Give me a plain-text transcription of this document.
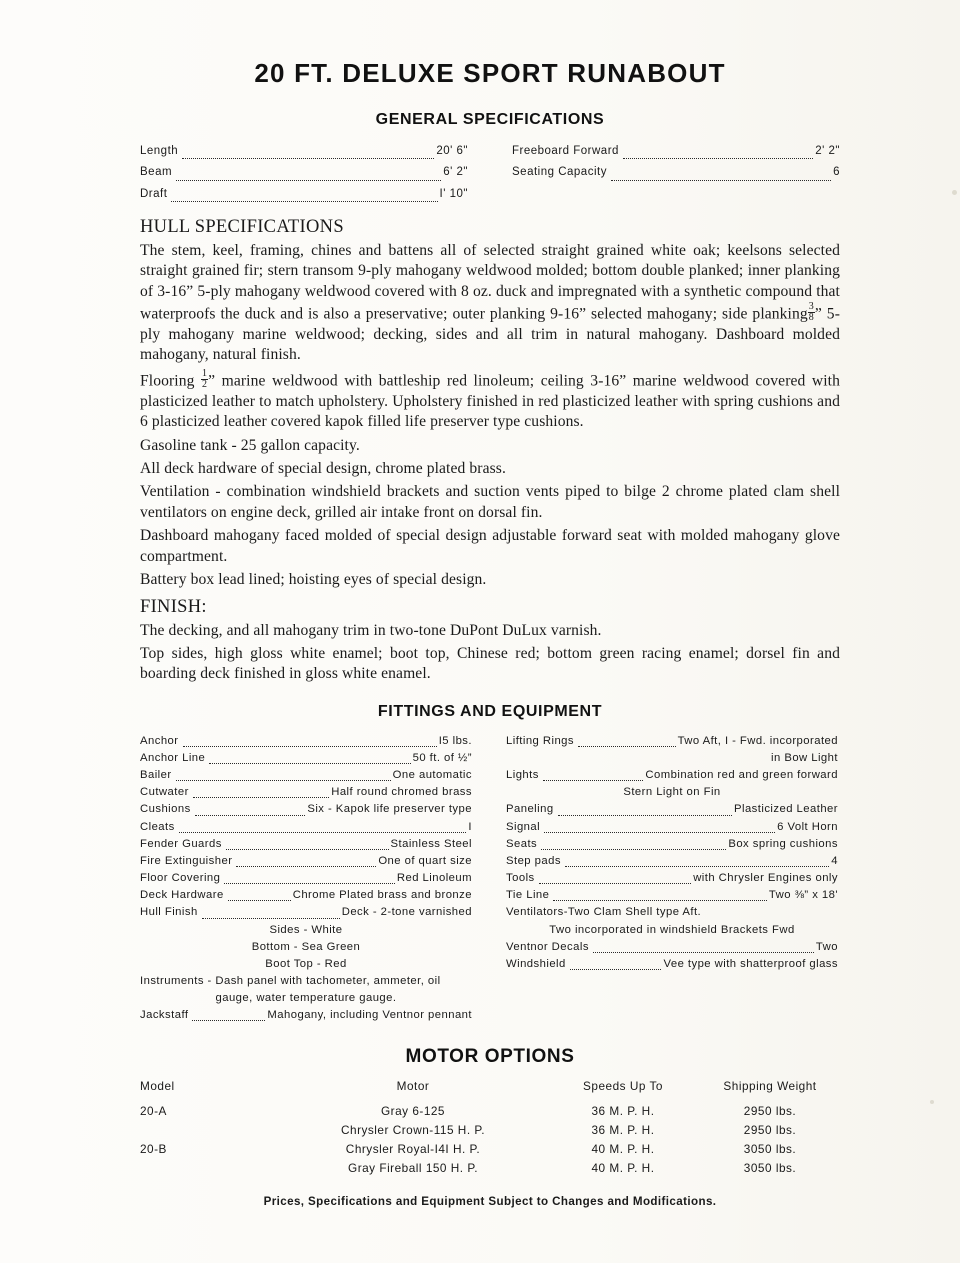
20 FT. DELUXE SPORT RUNABOUT
GENERAL SPECIFICATIONS
Length	20' 6"
Beam	6' 2"
Draft	I' 10"
Freeboard Forward	2' 2"
Seating Capacity	6
HULL SPECIFICATIONS

The stem, keel, framing, chines and battens all of selected straight grained white oak; keelsons selected straight grained fir; stern transom 9-ply mahogany weldwood molded; bottom double planked; inner planking of 3-16” 5-ply mahogany weldwood covered with 8 oz. duck and impregnated with a synthetic compound that waterproofs the duck and is also a preservative; outer planking 9-16” selected mahogany; side planking $\frac{3}{8}$ ” 5-ply mahogany marine weldwood; decking, sides and all trim in natural mahogany. Dashboard molded mahogany, natural finish.

Flooring $\frac{1}{2}$ ” marine weldwood with battleship red linoleum; ceiling 3-16” marine weldwood covered with plasticized leather to match upholstery. Upholstery finished in red plasticized leather with spring cushions and 6 plasticized leather covered kapok filled life preserver type cushions.

Gasoline tank - 25 gallon capacity.

All deck hardware of special design, chrome plated brass.

Ventilation - combination windshield brackets and suction vents piped to bilge 2 chrome plated clam shell ventilators on engine deck, grilled air intake front on dorsal fin.

Dashboard mahogany faced molded of special design adjustable forward seat with molded mahogany glove compartment.

Battery box lead lined; hoisting eyes of special design.

FINISH:

The decking, and all mahogany trim in two-tone DuPont DuLux varnish.

Top sides, high gloss white enamel; boot top, Chinese red; bottom green racing enamel; dorsel fin and boarding deck finished in gloss white enamel.

FITTINGS AND EQUIPMENT
Anchor	I5 lbs.
Anchor Line	50 ft. of ½”
Bailer	One automatic
Cutwater	Half round chromed brass
Cushions	Six - Kapok life preserver type
Cleats	I
Fender Guards	Stainless Steel
Fire Extinguisher	One of quart size
Floor Covering	Red Linoleum
Deck Hardware	Chrome Plated brass and bronze
Hull Finish	Deck - 2-tone varnished
Sides - White
Bottom - Sea Green
Boot Top - Red
Instruments - Dash panel with tachometer, ammeter, oil
gauge, water temperature gauge.
Jackstaff	Mahogany, including Ventnor pennant
Lifting Rings	Two Aft, I - Fwd. incorporated
in Bow Light
Lights	Combination red and green forward
Stern Light on Fin
Paneling	Plasticized Leather
Signal	6 Volt Horn
Seats	Box spring cushions
Step pads	4
Tools	with Chrysler Engines only
Tie Line	Two ⅜” x 18'
Ventilators-Two Clam Shell type Aft.
Two incorporated in windshield Brackets Fwd
Ventnor Decals	Two
Windshield	Vee type with shatterproof glass
MOTOR OPTIONS
Model	Motor	Speeds Up To	Shipping Weight
20-A	Gray 6-125	36 M. P. H.	2950 lbs.
	Chrysler Crown-115 H. P.	36 M. P. H.	2950 lbs.
20-B	Chrysler Royal-I4I H. P.	40 M. P. H.	3050 lbs.
	Gray Fireball 150 H. P.	40 M. P. H.	3050 lbs.
Prices, Specifications and Equipment Subject to Changes and Modifications.
